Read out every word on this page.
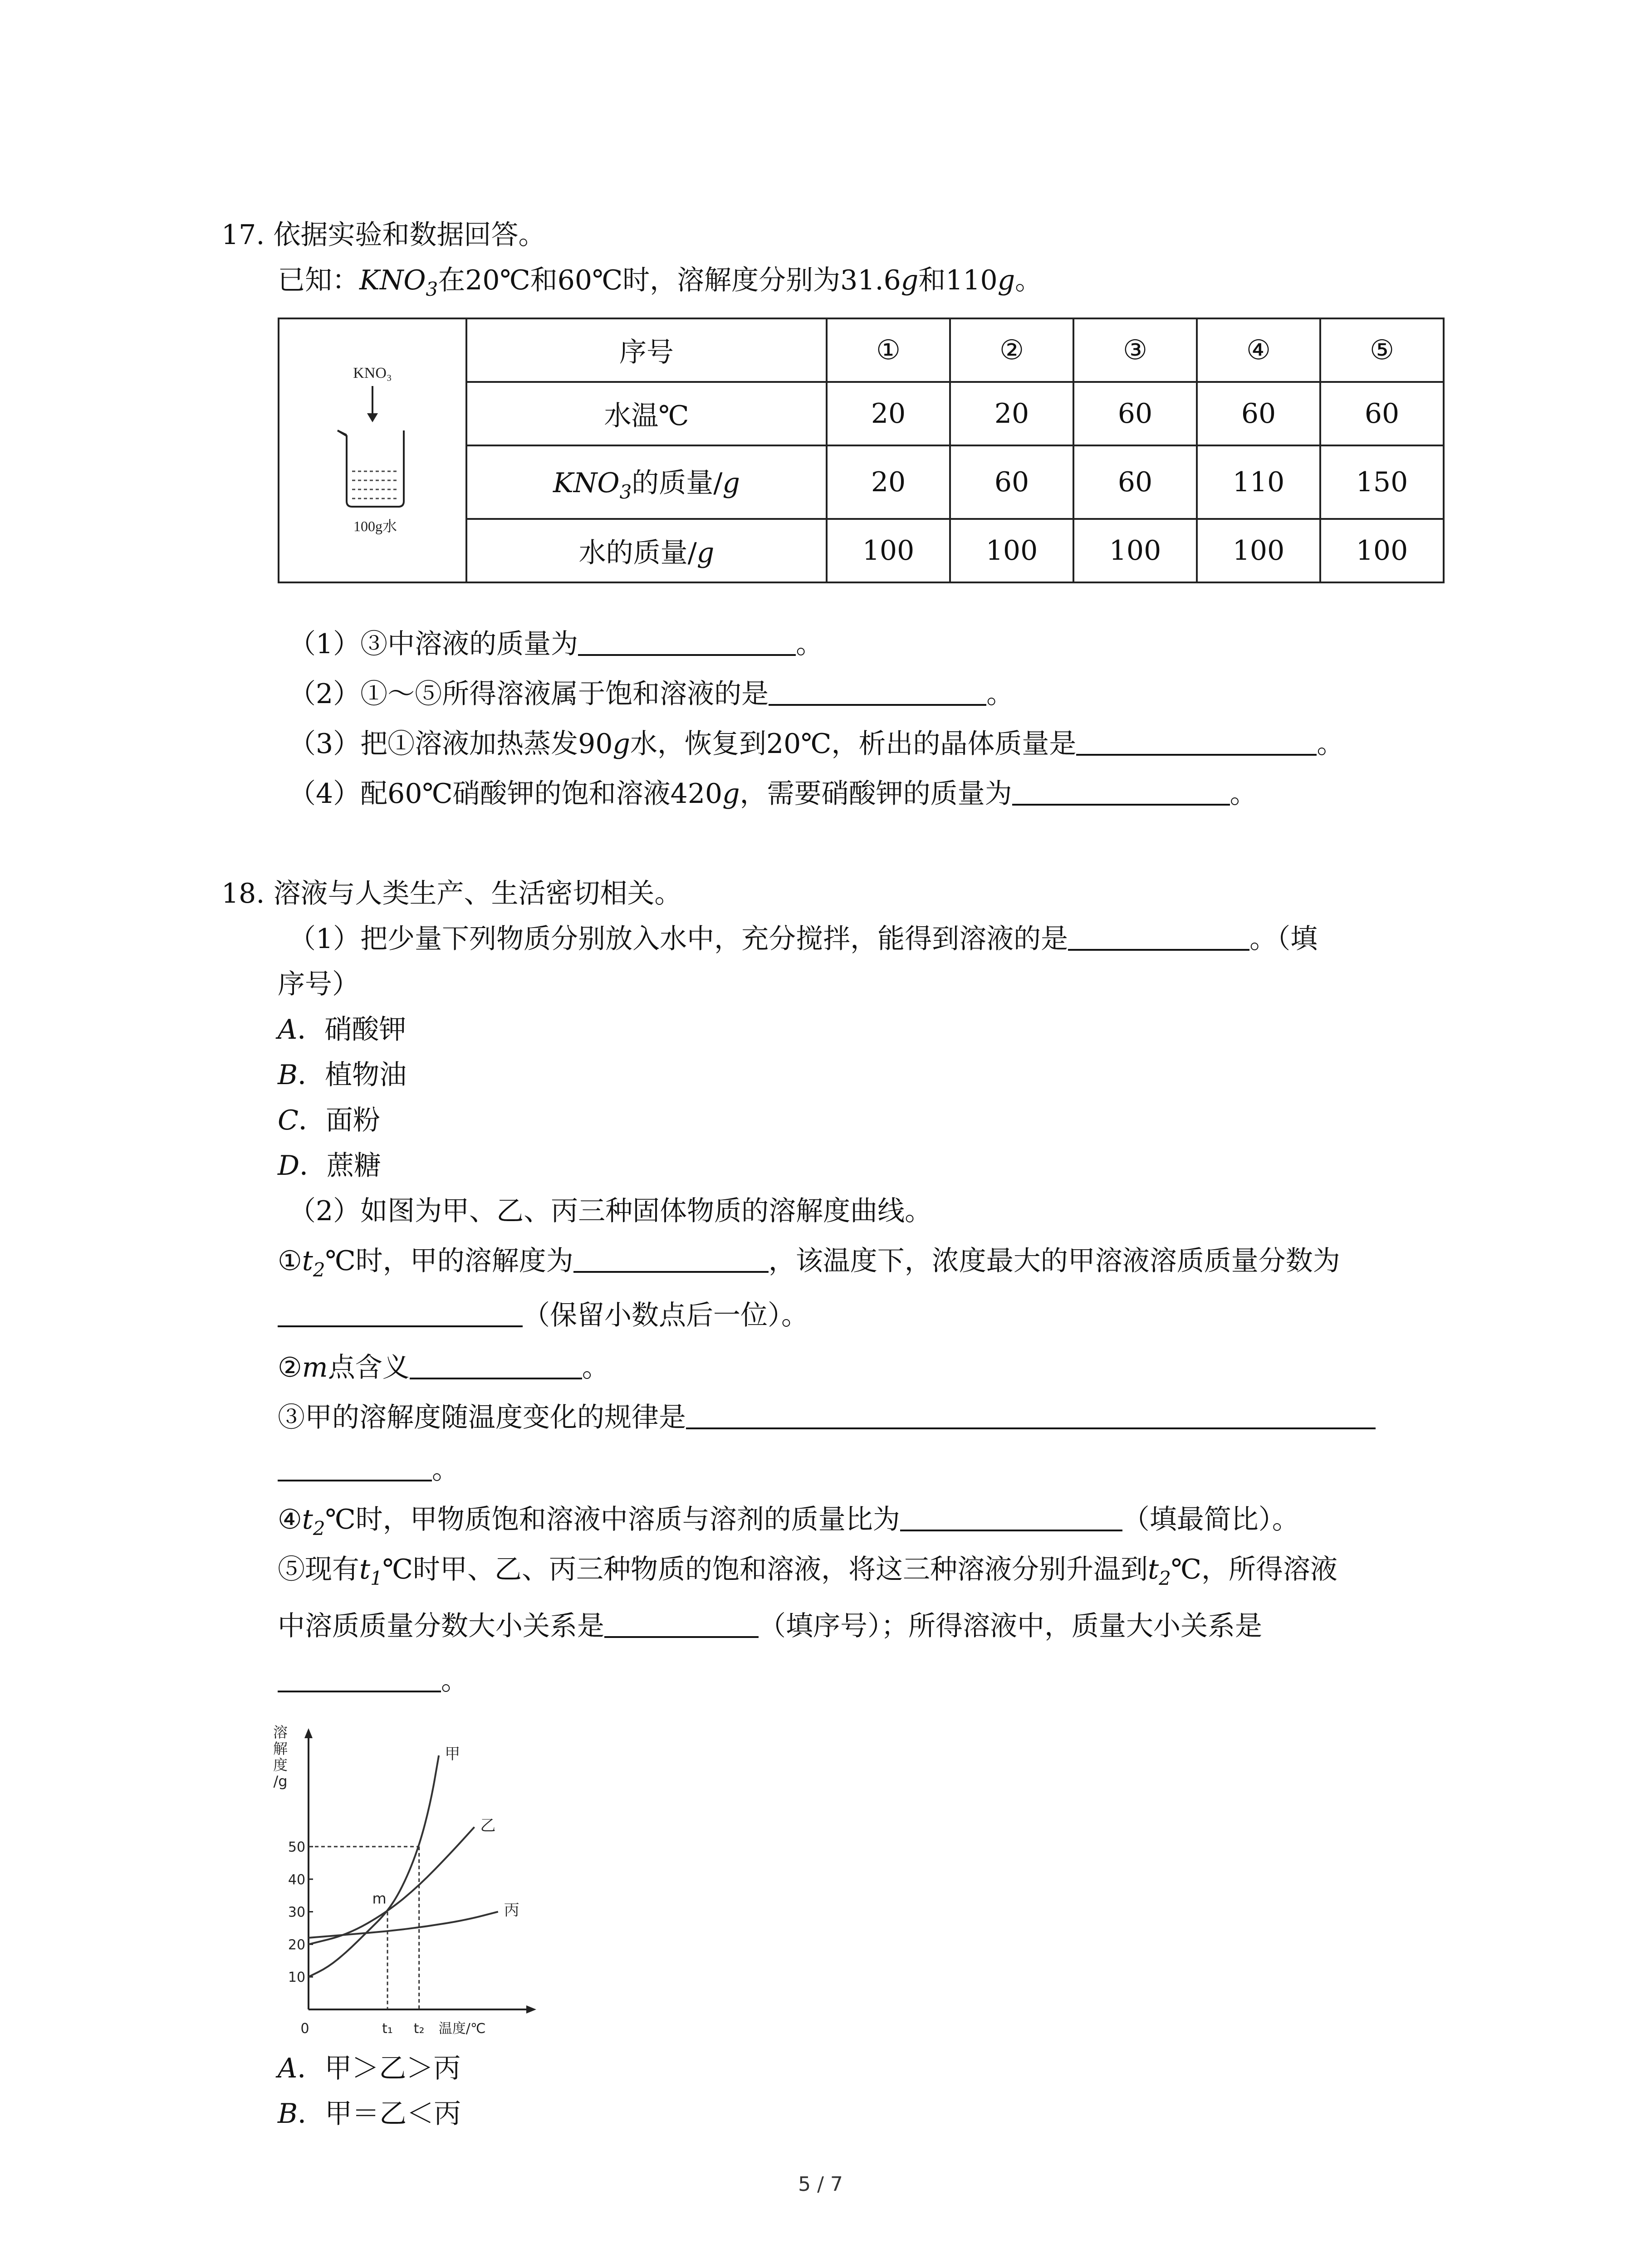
17. 依据实验和数据回答。
已知：$KNO_3$在20℃和60℃时，溶解度分别为31.6g和110g。
KNO₃
100g水	序号	①	②	③	④	⑤
	水温℃	20	20	60	60	60
	$KNO_3$的质量/g	20	60	60	110	150
	水的质量/g	100	100	100	100	100
（1）③中溶液的质量为	。
（2）①～⑤所得溶液属于饱和溶液的是	。
（3）把①溶液加热蒸发90g水，恢复到20℃，析出的晶体质量是	。
（4）配60℃硝酸钾的饱和溶液420g，需要硝酸钾的质量为	。
18. 溶液与人类生产、生活密切相关。
（1）把少量下列物质分别放入水中，充分搅拌，能得到溶液的是	。（填
序号）
A．硝酸钾
B．植物油
C．面粉
D．蔗糖
（2）如图为甲、乙、丙三种固体物质的溶解度曲线。
$①t_2℃$时，甲的溶解度为	，该温度下，浓度最大的甲溶液溶质质量分数为
（保留小数点后一位）。
②m点含义	。
③甲的溶解度随温度变化的规律是
。
$④t_2℃$时，甲物质饱和溶液中溶质与溶剂的质量比为	（填最简比）。
⑤现有$t_1℃$时甲、乙、丙三种物质的饱和溶液，将这三种溶液分别升温到$t_2℃$，所得溶液
中溶质质量分数大小关系是	（填序号）；所得溶液中，质量大小关系是
。
溶
解
度
/g
10
20
30
40
50
0	t₁ t₂ 温度/℃
甲
乙
丙
m
A．甲＞乙＞丙
B．甲＝乙＜丙
5 / 7
